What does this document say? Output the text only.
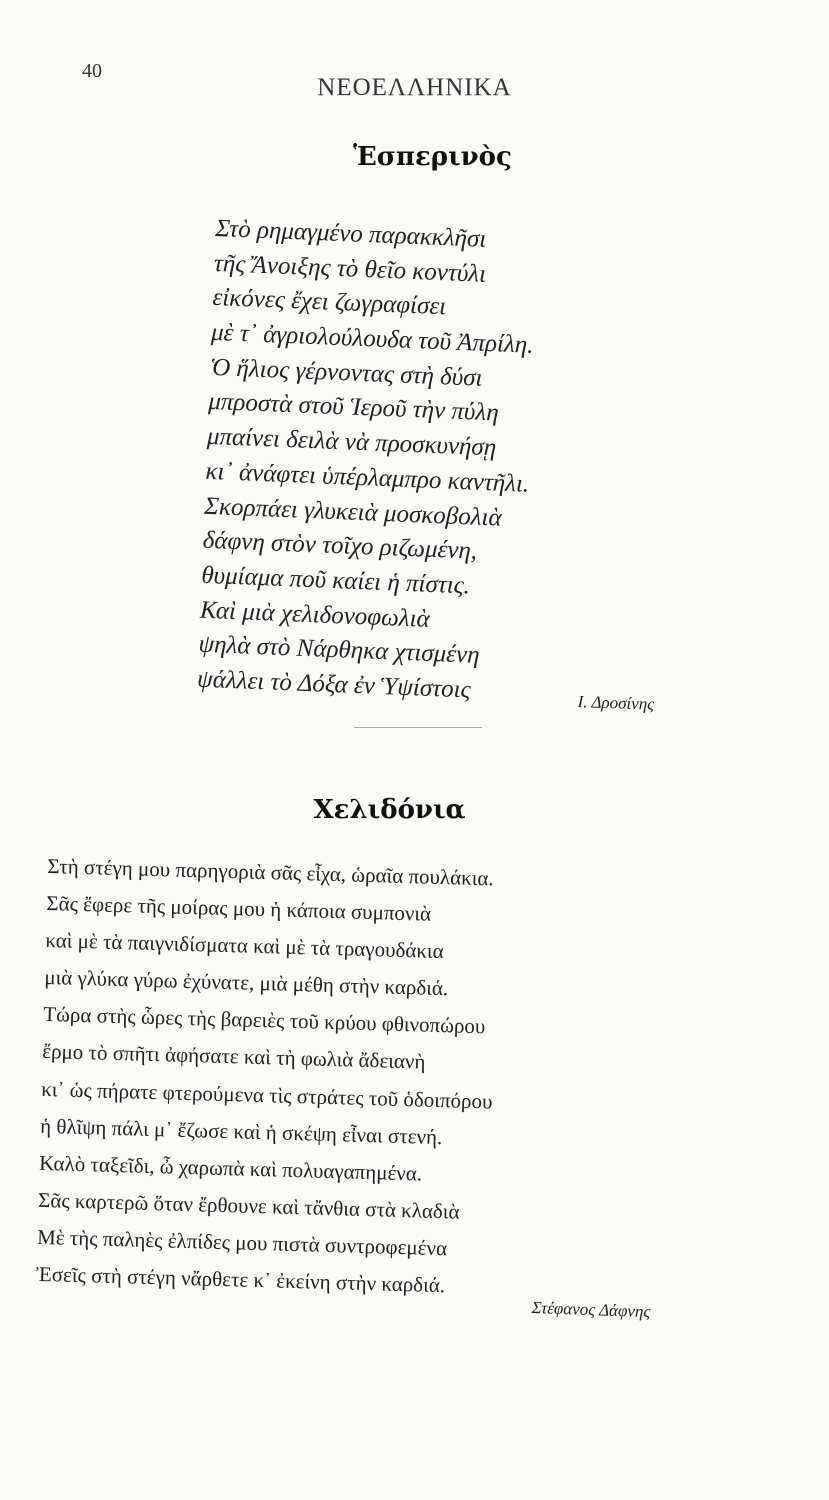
40
ΝΕΟΕΛΛΗΝΙΚΑ
Ἑσπερινὸς
Στὸ ρημαγμένο παρακκλῆσι
τῆς Ἄνοιξης τὸ θεῖο κοντύλι
εἰκόνες ἔχει ζωγραφίσει
μὲ τ᾿ ἀγριολούλουδα τοῦ Ἀπρίλη.
Ὁ ἥλιος γέρνοντας στὴ δύσι
μπροστὰ στοῦ Ἱεροῦ τὴν πύλη
μπαίνει δειλὰ νὰ προσκυνήσῃ
κι᾿ ἀνάφτει ὑπέρλαμπρο καντῆλι.
Σκορπάει γλυκειὰ μοσκοβολιὰ
δάφνη στὸν τοῖχο ριζωμένη,
θυμίαμα ποῦ καίει ἡ πίστις.
Καὶ μιὰ χελιδονοφωλιὰ
ψηλὰ στὸ Νάρθηκα χτισμένη
ψάλλει τὸ Δόξα ἐν Ὑψίστοις	Ι. Δροσίνης
Χελιδόνια
Στὴ στέγη μου παρηγοριὰ σᾶς εἶχα, ὡραῖα πουλάκια.
Σᾶς ἔφερε τῆς μοίρας μου ἡ κάποια συμπονιὰ
καὶ μὲ τὰ παιγνιδίσματα καὶ μὲ τὰ τραγουδάκια
μιὰ γλύκα γύρω ἐχύνατε, μιὰ μέθη στὴν καρδιά.
Τώρα στὴς ὧρες τὴς βαρειὲς τοῦ κρύου φθινοπώρου
ἔρμο τὸ σπῆτι ἀφήσατε καὶ τὴ φωλιὰ ἄδειανὴ
κι᾿ ὡς πήρατε φτερούμενα τὶς στράτες τοῦ ὁδοιπόρου
ἡ θλῖψη πάλι μ᾿ ἔζωσε καὶ ἡ σκέψη εἶναι στενή.
Καλὸ ταξεῖδι, ὦ χαρωπὰ καὶ πολυαγαπημένα.
Σᾶς καρτερῶ ὅταν ἔρθουνε καὶ τἄνθια στὰ κλαδιὰ
Μὲ τὴς παληὲς ἐλπίδες μου πιστὰ συντροφεμένα
Ἐσεῖς στὴ στέγη νἄρθετε κ᾿ ἐκείνη στὴν καρδιά.
Στέφανος Δάφνης
